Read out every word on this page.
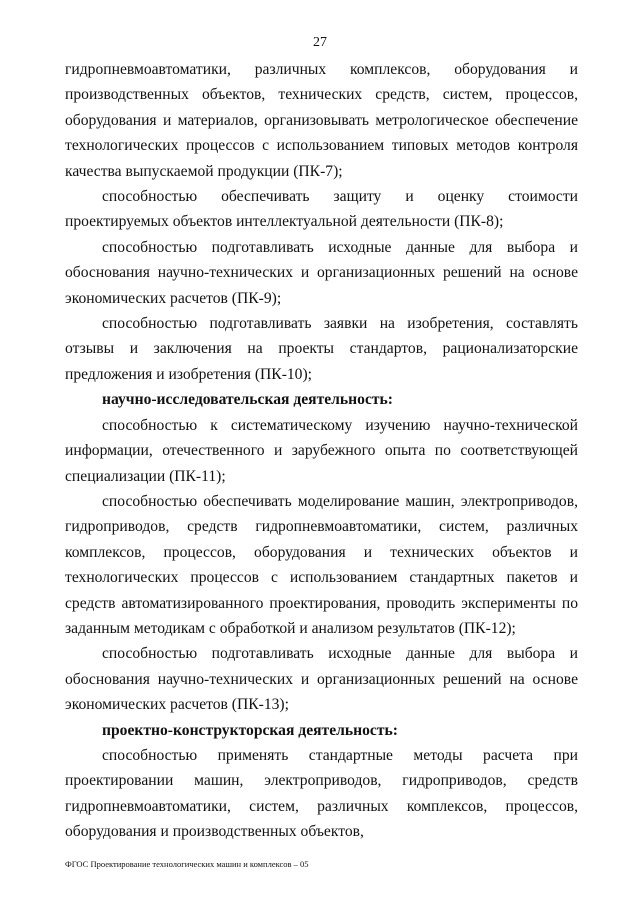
27

гидропневмоавтоматики, различных комплексов, оборудования и производственных объектов, технических средств, систем, процессов, оборудования и материалов, организовывать метрологическое обеспечение технологических процессов с использованием типовых методов контроля качества выпускаемой продукции (ПК-7);

способностью обеспечивать защиту и оценку стоимости проектируемых объектов интеллектуальной деятельности (ПК-8);

способностью подготавливать исходные данные для выбора и обоснования научно-технических и организационных решений на основе экономических расчетов (ПК-9);

способностью подготавливать заявки на изобретения, составлять отзывы и заключения на проекты стандартов, рационализаторские предложения и изобретения (ПК-10);

научно-исследовательская деятельность:

способностью к систематическому изучению научно-технической информации, отечественного и зарубежного опыта по соответствующей специализации (ПК-11);

способностью обеспечивать моделирование машин, электроприводов, гидроприводов, средств гидропневмоавтоматики, систем, различных комплексов, процессов, оборудования и технических объектов и технологических процессов с использованием стандартных пакетов и средств автоматизированного проектирования, проводить эксперименты по заданным методикам с обработкой и анализом результатов (ПК-12);

способностью подготавливать исходные данные для выбора и обоснования научно-технических и организационных решений на основе экономических расчетов (ПК-13);

проектно-конструкторская деятельность:

способностью применять стандартные методы расчета при проектировании машин, электроприводов, гидроприводов, средств гидропневмоавтоматики, систем, различных комплексов, процессов, оборудования и производственных объектов,

ФГОС Проектирование технологических машин и комплексов – 05
